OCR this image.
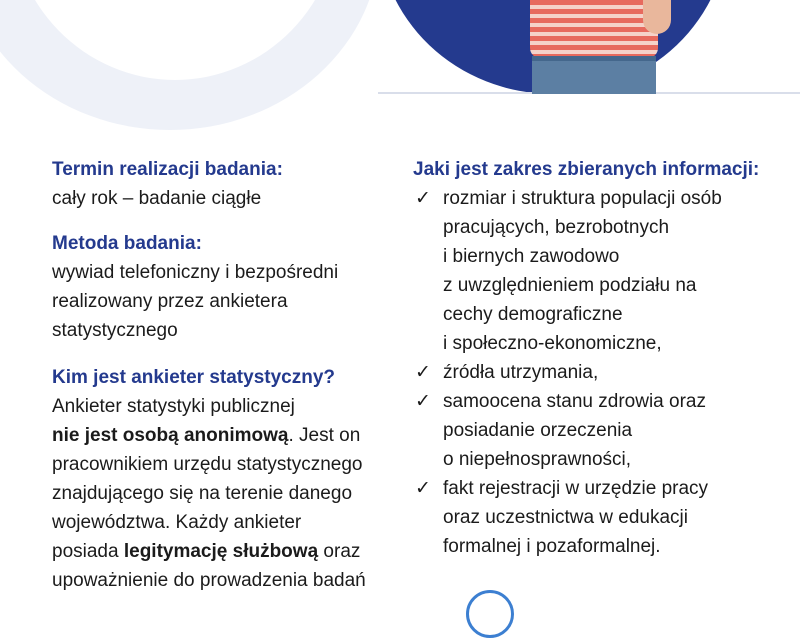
Termin realizacji badania:
cały rok – badanie ciągłe
Metoda badania:
wywiad telefoniczny i bezpośredni
realizowany przez ankietera
statystycznego
Kim jest ankieter statystyczny?
Ankieter statystyki publicznej
nie jest osobą anonimową. Jest on
pracownikiem urzędu statystycznego
znajdującego się na terenie danego
województwa. Każdy ankieter
posiada legitymację służbową oraz
upoważnienie do prowadzenia badań
Jaki jest zakres zbieranych informacji:
✓ rozmiar i struktura populacji osób
pracujących, bezrobotnych
i biernych zawodowo
z uwzględnieniem podziału na
cechy demograficzne
i społeczno-ekonomiczne,
✓ źródła utrzymania,
✓ samoocena stanu zdrowia oraz
posiadanie orzeczenia
o niepełnosprawności,
✓ fakt rejestracji w urzędzie pracy
oraz uczestnictwa w edukacji
formalnej i pozaformalnej.
